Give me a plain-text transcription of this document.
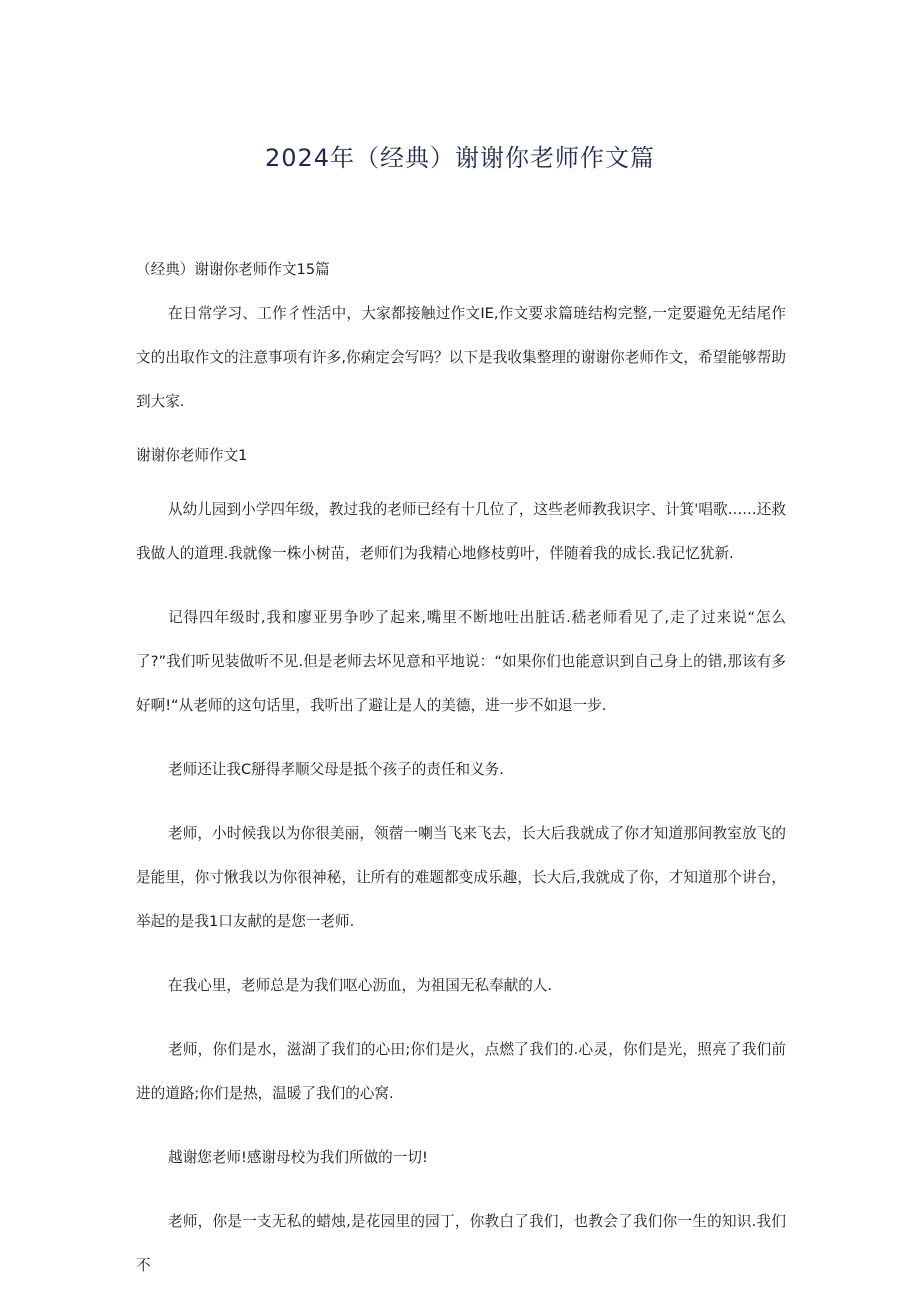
2024年（经典）谢谢你老师作文篇

（经典）谢谢你老师作文15篇

在日常学习、工作彳性活中，大家都接触过作文IE,作文要求篇琏结构完整,一定要避免无结尾作文的出取作文的注意事项有许多,你痢定会写吗？以下是我收集整理的谢谢你老师作文，希望能够帮助到大家.

谢谢你老师作文1

从幼儿园到小学四年级，教过我的老师已经有十几位了，这些老师教我识字、计箕'唱歌……还救我做人的道理.我就像一株小树苗，老师们为我精心地修枝剪叶，伴随着我的成长.我记忆犹新.

记得四年级时,我和廖亚男争吵了起来,嘴里不断地吐出脏话.嵇老师看见了,走了过来说“怎么了?”我们听见装做听不见.但是老师去坏见意和平地说：“如果你们也能意识到自己身上的错,那该有多好啊!“从老师的这句话里，我听出了避让是人的美德，进一步不如退一步.

老师还让我C掰得孝顺父母是抵个孩子的责任和义务.

老师，小时候我以为你很美丽，领蓿一喇当飞来飞去，长大后我就成了你才知道那间教室放飞的是能里，你寸愀我以为你很神秘，让所有的难题都变成乐趣，长大后,我就成了你，才知道那个讲台，举起的是我1口友献的是您一老师.

在我心里，老师总是为我们呕心沥血，为祖国无私奉献的人.

老师，你们是水，滋湖了我们的心田;你们是火，点燃了我们的.心灵，你们是光，照亮了我们前进的道路;你们是热，温暖了我们的心窝.

越谢您老师!感谢母校为我们所做的一切!

老师，你是一支无私的蜡烛,是花园里的园丁，你教白了我们，也教会了我们你一生的知识.我们不
